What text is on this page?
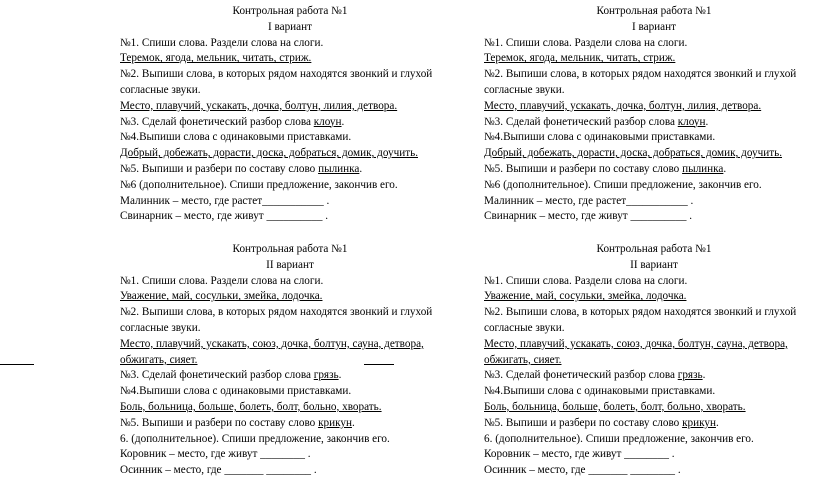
Контрольная работа №1
I вариант

№1. Спиши слова. Раздели слова на слоги.

Теремок, ягода, мельник, читать, стриж.

№2. Выпиши слова, в которых рядом находятся звонкий и глухой

согласные звуки.

Место, плавучий, ускакать, дочка, болтун, лилия, детвора.

№3. Сделай фонетический разбор слова клоун.

№4.Выпиши слова с одинаковыми приставками.

Добрый, добежать, дорасти, доска, добраться, домик, доучить.

№5. Выпиши и разбери по составу слово пылинка.

№6 (дополнительное). Спиши предложение, закончив его.

Малинник – место, где растет___________ .

Свинарник – место, где живут __________ .

Контрольная работа №1
I вариант

№1. Спиши слова. Раздели слова на слоги.

Теремок, ягода, мельник, читать, стриж.

№2. Выпиши слова, в которых рядом находятся звонкий и глухой

согласные звуки.

Место, плавучий, ускакать, дочка, болтун, лилия, детвора.

№3. Сделай фонетический разбор слова клоун.

№4.Выпиши слова с одинаковыми приставками.

Добрый, добежать, дорасти, доска, добраться, домик, доучить.

№5. Выпиши и разбери по составу слово пылинка.

№6 (дополнительное). Спиши предложение, закончив его.

Малинник – место, где растет___________ .

Свинарник – место, где живут __________ .

Контрольная работа №1
II вариант

№1. Спиши слова. Раздели слова на слоги.

Уважение, май, сосульки, змейка, лодочка.

№2. Выпиши слова, в которых рядом находятся звонкий и глухой

согласные звуки.

Место, плавучий, ускакать, союз, дочка, болтун, сауна, детвора,

обжигать, сияет.

№3. Сделай фонетический разбор слова грязь.

№4.Выпиши слова с одинаковыми приставками.

Боль, больница, больше, болеть, болт, больно, хворать.

№5. Выпиши и разбери по составу слово крикун.

6. (дополнительное). Спиши предложение, закончив его.

Коровник – место, где живут ________ .

Осинник – место, где _______ ________ .

Контрольная работа №1
II вариант

№1. Спиши слова. Раздели слова на слоги.

Уважение, май, сосульки, змейка, лодочка.

№2. Выпиши слова, в которых рядом находятся звонкий и глухой

согласные звуки.

Место, плавучий, ускакать, союз, дочка, болтун, сауна, детвора,

обжигать, сияет.

№3. Сделай фонетический разбор слова грязь.

№4.Выпиши слова с одинаковыми приставками.

Боль, больница, больше, болеть, болт, больно, хворать.

№5. Выпиши и разбери по составу слово крикун.

6. (дополнительное). Спиши предложение, закончив его.

Коровник – место, где живут ________ .

Осинник – место, где _______ ________ .
